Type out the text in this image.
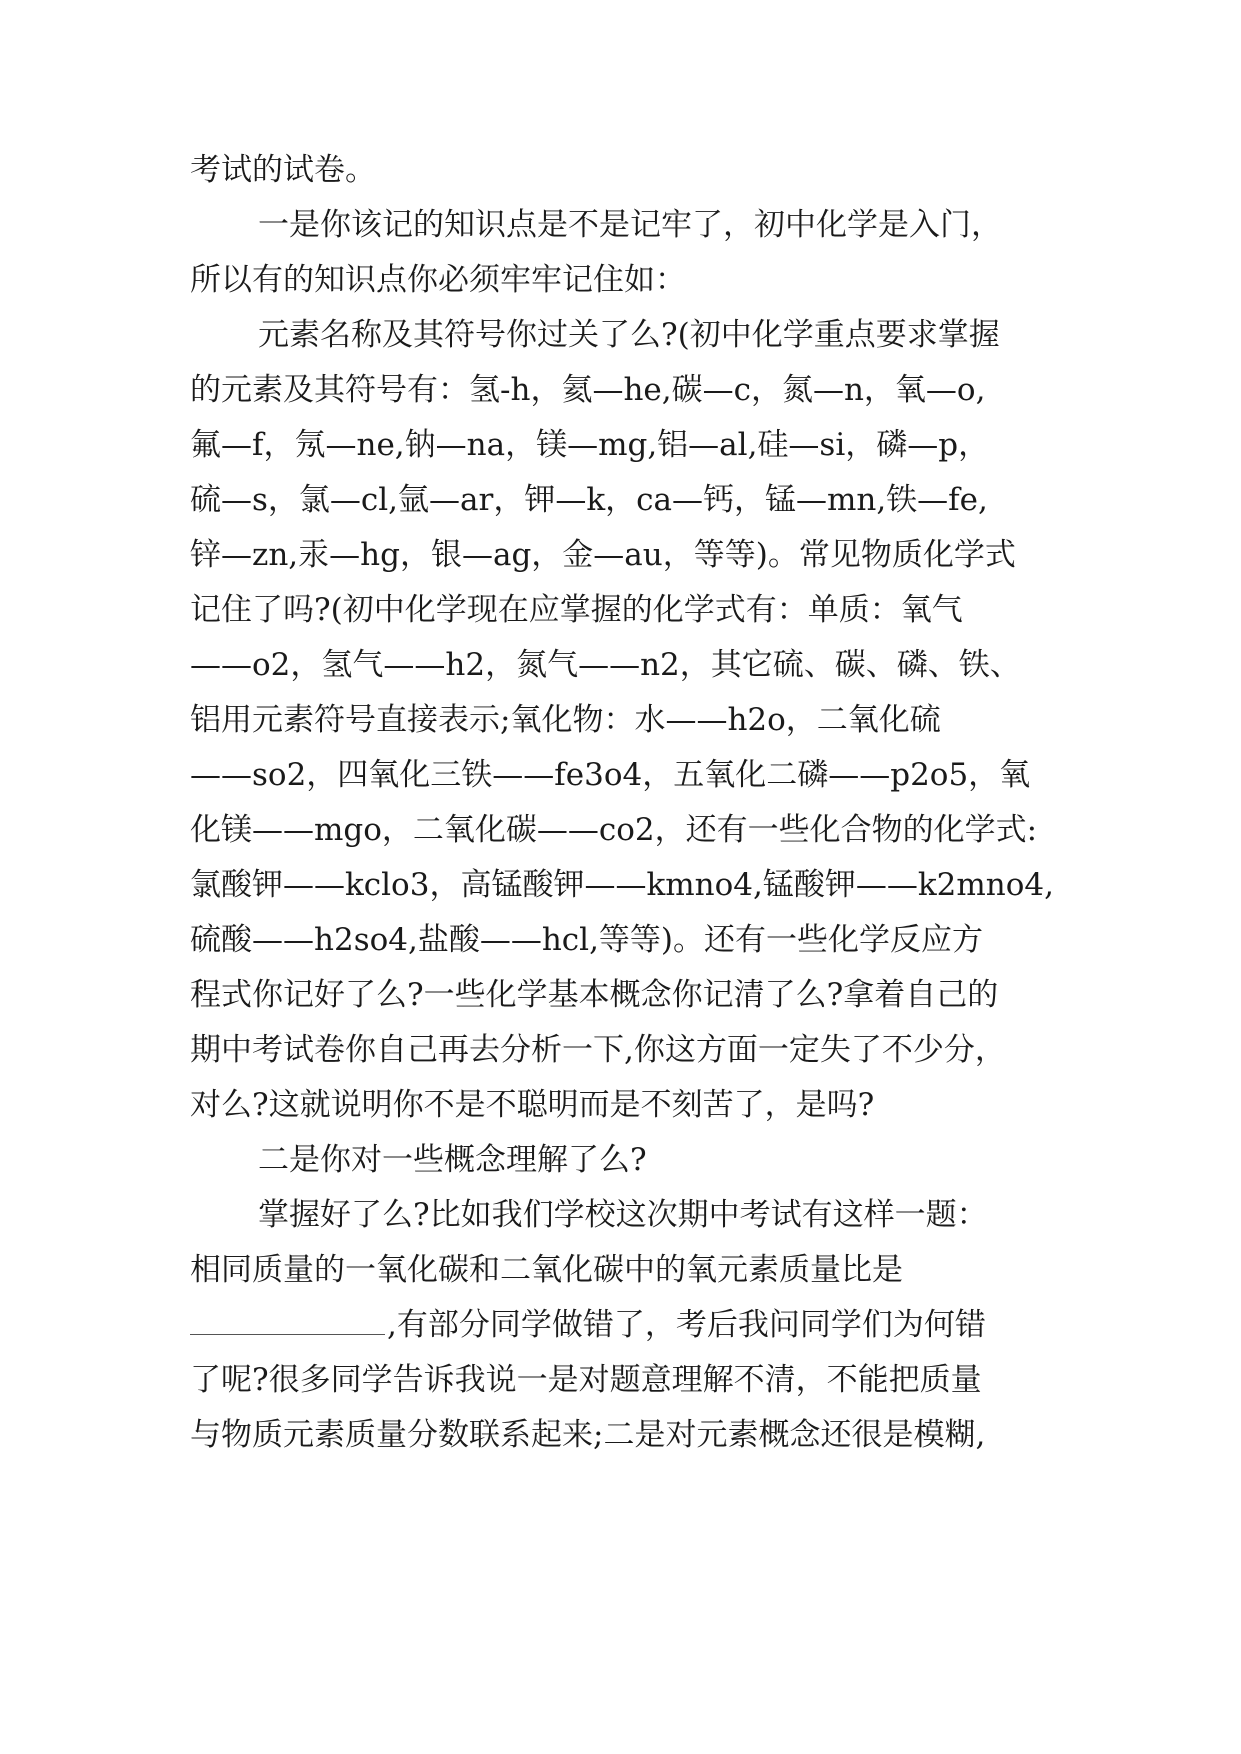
考试的试卷。
一是你该记的知识点是不是记牢了，初中化学是入门，
所以有的知识点你必须牢牢记住如：
元素名称及其符号你过关了么?(初中化学重点要求掌握
的元素及其符号有：氢-h，氦—he,碳—c，氮—n，氧—o,
氟—f，氖—ne,钠—na，镁—mg,铝—al,硅—si，磷—p，
硫—s，氯—cl,氩—ar，钾—k，ca—钙，锰—mn,铁—fe,
锌—zn,汞—hg，银—ag，金—au，等等)。常见物质化学式
记住了吗?(初中化学现在应掌握的化学式有：单质：氧气
——o2，氢气——h2，氮气——n2，其它硫、碳、磷、铁、
铝用元素符号直接表示;氧化物：水——h2o，二氧化硫
——so2，四氧化三铁——fe3o4，五氧化二磷——p2o5，氧
化镁——mgo，二氧化碳——co2，还有一些化合物的化学式:
氯酸钾——kclo3，高锰酸钾——kmno4,锰酸钾——k2mno4,
硫酸——h2so4,盐酸——hcl,等等)。还有一些化学反应方
程式你记好了么?一些化学基本概念你记清了么?拿着自己的
期中考试卷你自己再去分析一下,你这方面一定失了不少分，
对么?这就说明你不是不聪明而是不刻苦了，是吗?
二是你对一些概念理解了么?
掌握好了么?比如我们学校这次期中考试有这样一题：
相同质量的一氧化碳和二氧化碳中的氧元素质量比是
,有部分同学做错了，考后我问同学们为何错
了呢?很多同学告诉我说一是对题意理解不清，不能把质量
与物质元素质量分数联系起来;二是对元素概念还很是模糊,
